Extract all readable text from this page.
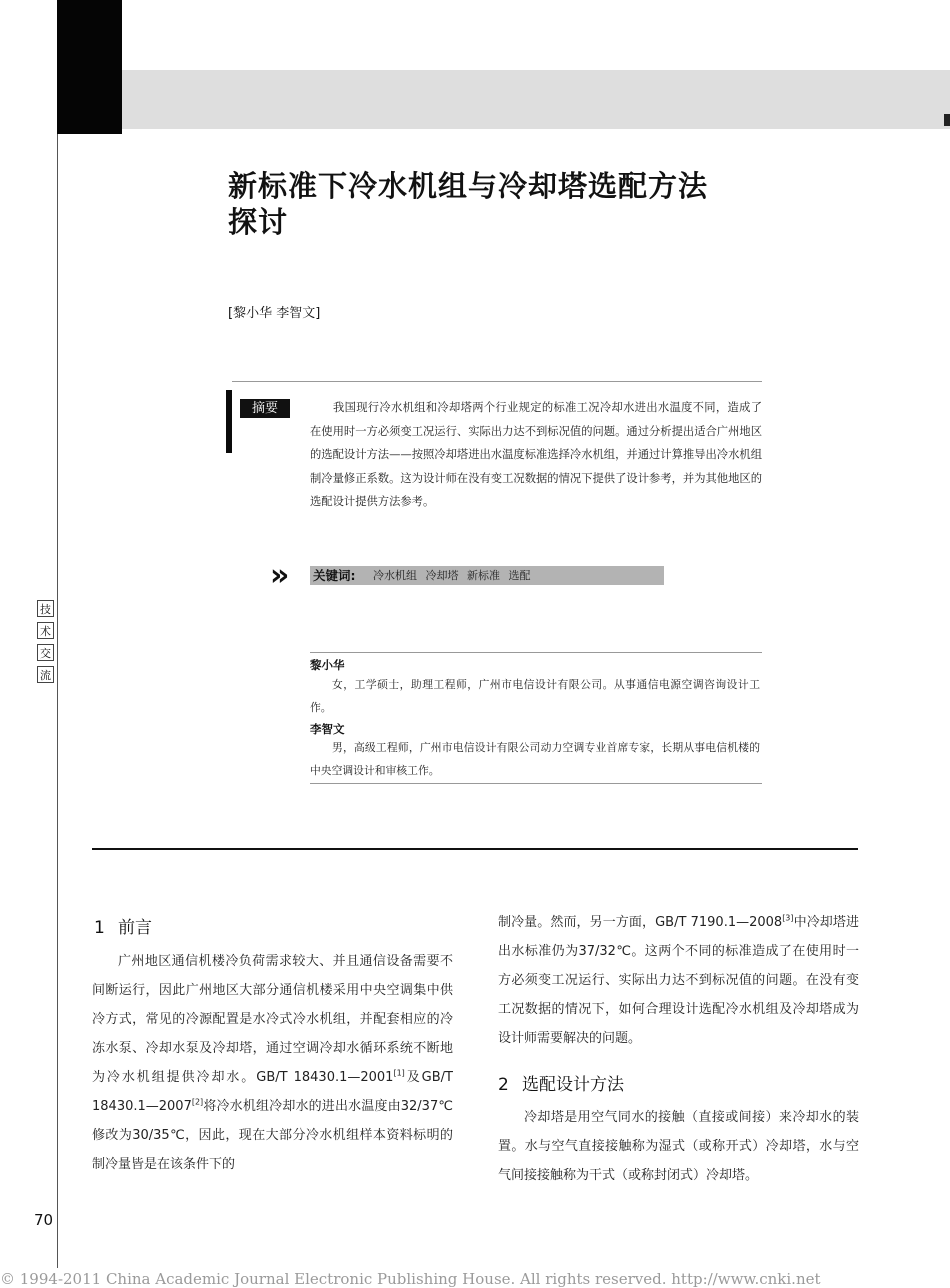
新标准下冷水机组与冷却塔选配方法
探讨
[黎小华 李智文]
摘要	我国现行冷水机组和冷却塔两个行业规定的标准工况冷却水进出水温度不同，造成了在使用时一方必须变工况运行、实际出力达不到标况值的问题。通过分析提出适合广州地区的选配设计方法——按照冷却塔进出水温度标准选择冷水机组，并通过计算推导出冷水机组制冷量修正系数。这为设计师在没有变工况数据的情况下提供了设计参考，并为其他地区的选配设计提供方法参考。
» 关键词: 冷水机组 冷却塔 新标准 选配
黎小华
女，工学硕士，助理工程师，广州市电信设计有限公司。从事通信电源空调咨询设计工作。
李智文
男，高级工程师，广州市电信设计有限公司动力空调专业首席专家，长期从事电信机楼的中央空调设计和审核工作。
技
术
交
流
1 前言
广州地区通信机楼冷负荷需求较大、并且通信设备需要不间断运行，因此广州地区大部分通信机楼采用中央空调集中供冷方式，常见的冷源配置是水冷式冷水机组，并配套相应的冷冻水泵、冷却水泵及冷却塔，通过空调冷却水循环系统不断地为冷水机组提供冷却水。GB/T 18430.1—2001[1]及GB/T 18430.1—2007[2]将冷水机组冷却水的进出水温度由32/37℃修改为30/35℃，因此，现在大部分冷水机组样本资料标明的制冷量皆是在该条件下的
制冷量。然而，另一方面，GB/T 7190.1—2008[3]中冷却塔进出水标准仍为37/32℃。这两个不同的标准造成了在使用时一方必须变工况运行、实际出力达不到标况值的问题。在没有变工况数据的情况下，如何合理设计选配冷水机组及冷却塔成为设计师需要解决的问题。
2 选配设计方法
冷却塔是用空气同水的接触（直接或间接）来冷却水的装置。水与空气直接接触称为湿式（或称开式）冷却塔，水与空气间接接触称为干式（或称封闭式）冷却塔。
70
© 1994-2011 China Academic Journal Electronic Publishing House. All rights reserved. http://www.cnki.net
